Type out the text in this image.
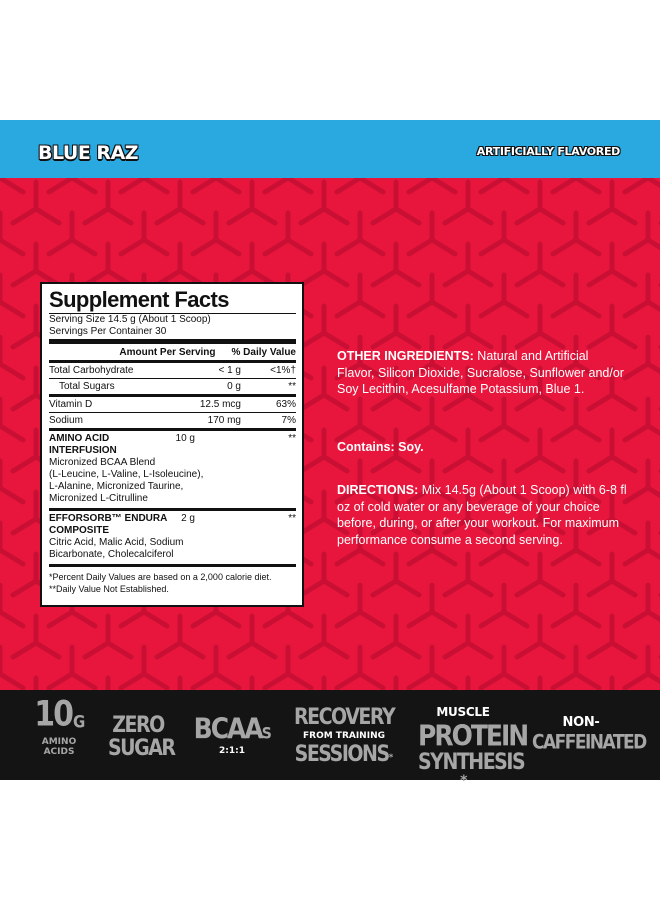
BLUE RAZ	ARTIFICIALLY FLAVORED
Supplement Facts
Serving Size 14.5 g (About 1 Scoop)
Servings Per Container 30
Amount Per Serving % Daily Value
Total Carbohydrate	< 1 g	<1%†
Total Sugars	0 g	**
Vitamin D	12.5 mcg	63%
Sodium	170 mg	7%
AMINO ACID	10 g	**
INTERFUSION
Micronized BCAA Blend
(L-Leucine, L-Valine, L-Isoleucine),
L-Alanine, Micronized Taurine,
Micronized L-Citrulline
EFFORSORB™ ENDURA	2 g	**
COMPOSITE
Citric Acid, Malic Acid, Sodium
Bicarbonate, Cholecalciferol
*Percent Daily Values are based on a 2,000 calorie diet.
**Daily Value Not Established.
OTHER INGREDIENTS: Natural and Artificial Flavor, Silicon Dioxide, Sucralose, Sunflower and/or Soy Lecithin, Acesulfame Potassium, Blue 1.
Contains: Soy.
DIRECTIONS: Mix 14.5g (About 1 Scoop) with 6-8 fl oz of cold water or any beverage of your choice before, during, or after your workout. For maximum performance consume a second serving.
10 G
AMINO
ACIDS
ZERO
SUGAR
BCAA S
2:1:1
RECOVERY
FROM TRAINING
SESSIONS*
MUSCLE
PROTEIN
SYNTHESIS*
NON-
CAFFEINATED
